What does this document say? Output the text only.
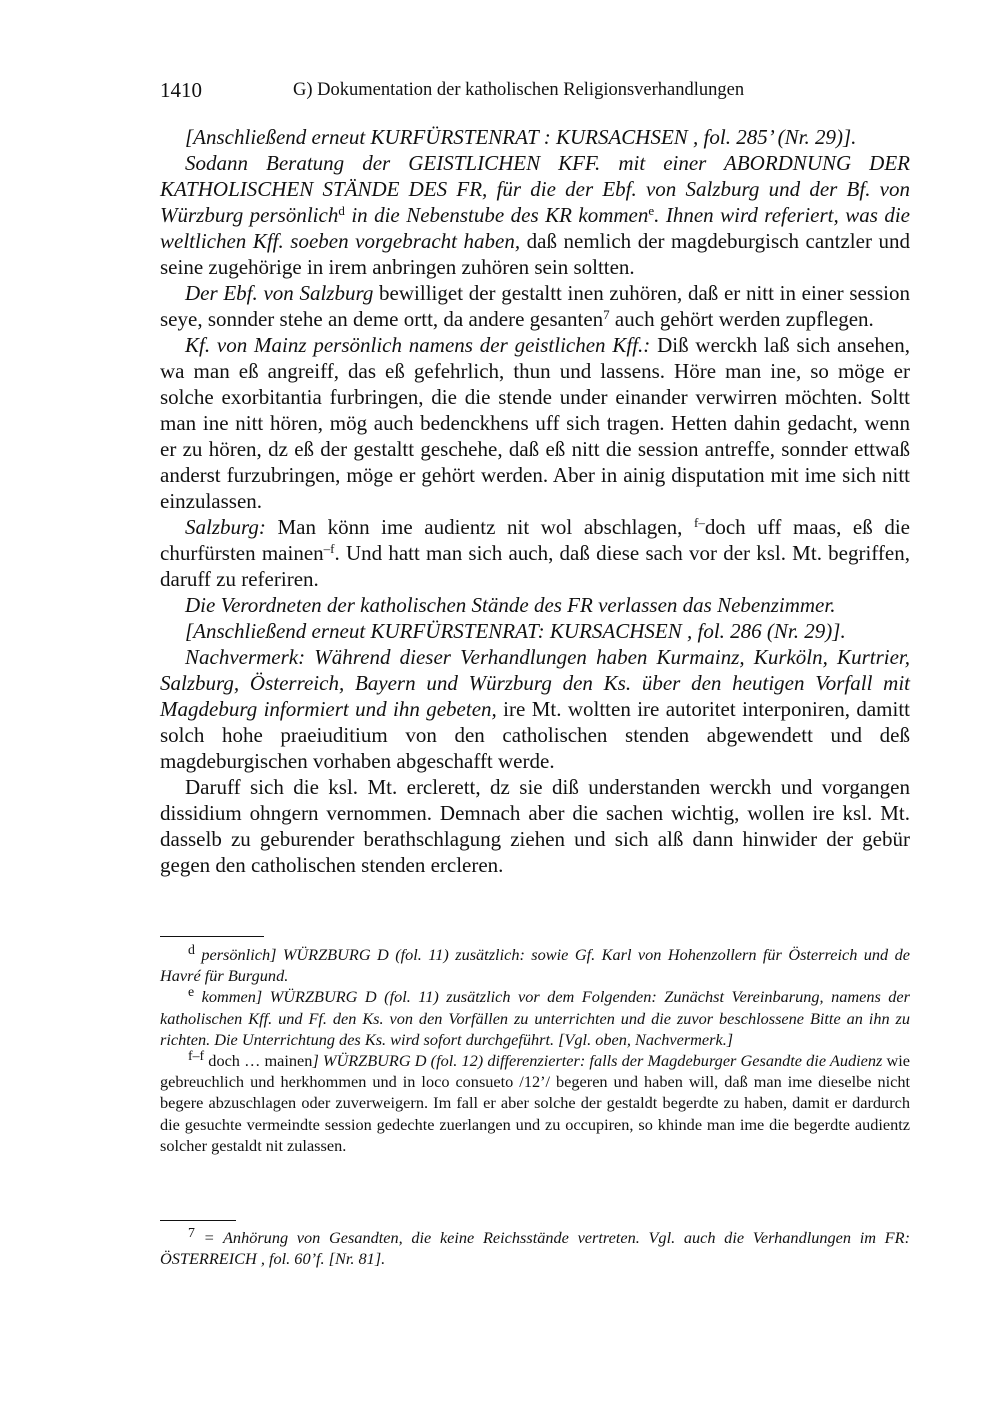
1410	G) Dokumentation der katholischen Religionsverhandlungen

[Anschließend erneut KURFÜRSTENRAT : KURSACHSEN , fol. 285’ (Nr. 29)].

Sodann Beratung der GEISTLICHEN KFF. mit einer ABORDNUNG DER KATHOLISCHEN STÄNDE DES FR, für die der Ebf. von Salzburg und der Bf. von Würzburg persönlich$^d$ in die Nebenstube des KR kommen$^e$. Ihnen wird referiert, was die weltlichen Kff. soeben vorgebracht haben, daß nemlich der magdeburgisch cantzler und seine zugehörige in irem anbringen zuhören sein soltten.

Der Ebf. von Salzburg bewilliget der gestaltt inen zuhören, daß er nitt in einer session seye, sonnder stehe an deme ortt, da andere gesanten$^7$ auch gehört werden zupflegen.

Kf. von Mainz persönlich namens der geistlichen Kff.: Diß werckh laß sich ansehen, wa man eß angreiff, das eß gefehrlich, thun und lassens. Höre man ine, so möge er solche exorbitantia furbringen, die die stende under einander verwirren möchten. Soltt man ine nitt hören, mög auch bedenckhens uff sich tragen. Hetten dahin gedacht, wenn er zu hören, dz eß der gestaltt geschehe, daß eß nitt die session antreffe, sonnder ettwaß anderst furzubringen, möge er gehört werden. Aber in ainig disputation mit ime sich nitt einzulassen.

Salzburg: Man könn ime audientz nit wol abschlagen, $^{f-}$doch uff maas, eß die churfürsten mainen$^{-f}$. Und hatt man sich auch, daß diese sach vor der ksl. Mt. begriffen, daruff zu referiren.

Die Verordneten der katholischen Stände des FR verlassen das Nebenzimmer.

[Anschließend erneut KURFÜRSTENRAT: KURSACHSEN , fol. 286 (Nr. 29)].

Nachvermerk: Während dieser Verhandlungen haben Kurmainz, Kurköln, Kurtrier, Salzburg, Österreich, Bayern und Würzburg den Ks. über den heutigen Vorfall mit Magdeburg informiert und ihn gebeten, ire Mt. woltten ire autoritet interponiren, damitt solch hohe praeiuditium von den catholischen stenden abgewendett und deß magdeburgischen vorhaben abgeschafft werde.

Daruff sich die ksl. Mt. erclerett, dz sie diß understanden werckh und vorgangen dissidium ohngern vernommen. Demnach aber die sachen wichtig, wollen ire ksl. Mt. dasselb zu geburender berathschlagung ziehen und sich alß dann hinwider der gebür gegen den catholischen stenden ercleren.

$^d$ persönlich] WÜRZBURG D (fol. 11) zusätzlich: sowie Gf. Karl von Hohenzollern für Österreich und de Havré für Burgund.

$^e$ kommen] WÜRZBURG D (fol. 11) zusätzlich vor dem Folgenden: Zunächst Vereinbarung, namens der katholischen Kff. und Ff. den Ks. von den Vorfällen zu unterrichten und die zuvor beschlossene Bitte an ihn zu richten. Die Unterrichtung des Ks. wird sofort durchgeführt. [Vgl. oben, Nachvermerk.]

$^{f-f}$ doch … mainen] WÜRZBURG D (fol. 12) differenzierter: falls der Magdeburger Gesandte die Audienz wie gebreuchlich und herkhommen und in loco consueto /12’/ begeren und haben will, daß man ime dieselbe nicht begere abzuschlagen oder zuverweigern. Im fall er aber solche der gestaldt begerdte zu haben, damit er dardurch die gesuchte vermeindte session gedechte zuerlangen und zu occupiren, so khinde man ime die begerdte audientz solcher gestaldt nit zulassen.

$^7$ = Anhörung von Gesandten, die keine Reichsstände vertreten. Vgl. auch die Verhandlungen im FR: ÖSTERREICH , fol. 60’f. [Nr. 81].
